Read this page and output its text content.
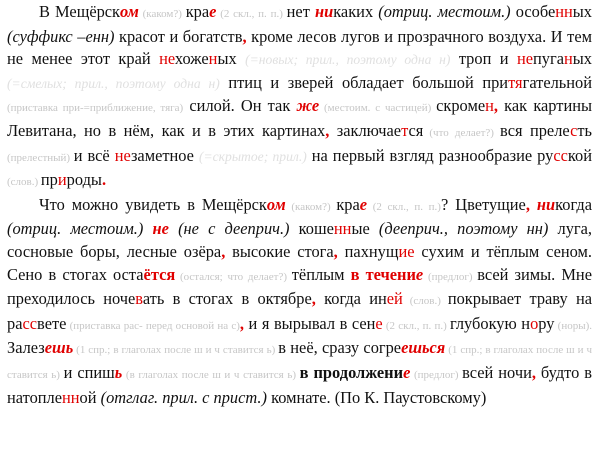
В Мещёрском (каком?) крае (2 скл., п. п.) нет никаких (отриц. местоим.) особенных (суффикс –енн) красот и богатств, кроме лесов лугов и прозрачного воздуха. И тем не менее этот край нехоженых (=новых; прил., поэтому одна н) троп и непугaных (=смелых; прил., поэтому одна н) птиц и зверей обладает большой притягательной (приставка при-=приближение, тяга) силой. Он так же (местоим. с частицей) скромен, как картины Левитана, но в нём, как и в этих картинах, заключается (что делает?) вся прелесть (прелестный) и всё незаметное (=скрытое; прил.) на первый взгляд разнообразие русской (слов.) природы.

Что можно увидеть в Мещёрском (каком?) крае (2 скл., п. п.)? Цветущие, никогда (отриц. местоим.) не (не с дееприч.) кошeнные (дееприч., поэтому нн) луга, сосновые боры, лесные озёра, высокие стога, пахнущие сухим и тёплым сеном. Сено в стогах остаётся (остался; что делает?) тёплым в течение (предлог) всей зимы. Мне преходилось ночевать в стогах в октябре, когда иней (слов.) покрывает траву на рассвете (приставка рас- перед основой на с), и я вырывал в сене (2 скл., п. п.) глубокую нору (норы). Залезешь (1 спр.; в глаголах после ш и ч ставится ь) в неё, сразу согреешься (1 спр.; в глаголах после ш и ч ставится ь) и спишь (в глаголах после ш и ч ставится ь) в продолжение (предлог) всей ночи, будто в натопленной (отглаг. прил. с прист.) комнате. (По К. Паустовскому)
